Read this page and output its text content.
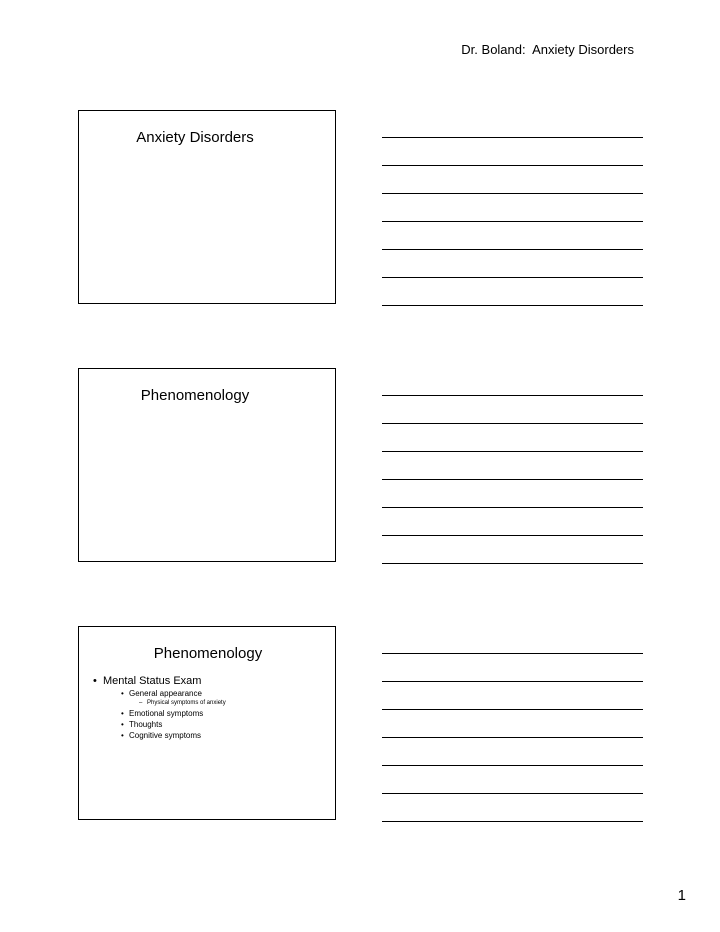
Dr. Boland:  Anxiety Disorders
Anxiety Disorders
Phenomenology
Phenomenology
• Mental Status Exam
• General appearance
– Physical symptoms of anxiety
• Emotional symptoms
• Thoughts
• Cognitive symptoms
1
